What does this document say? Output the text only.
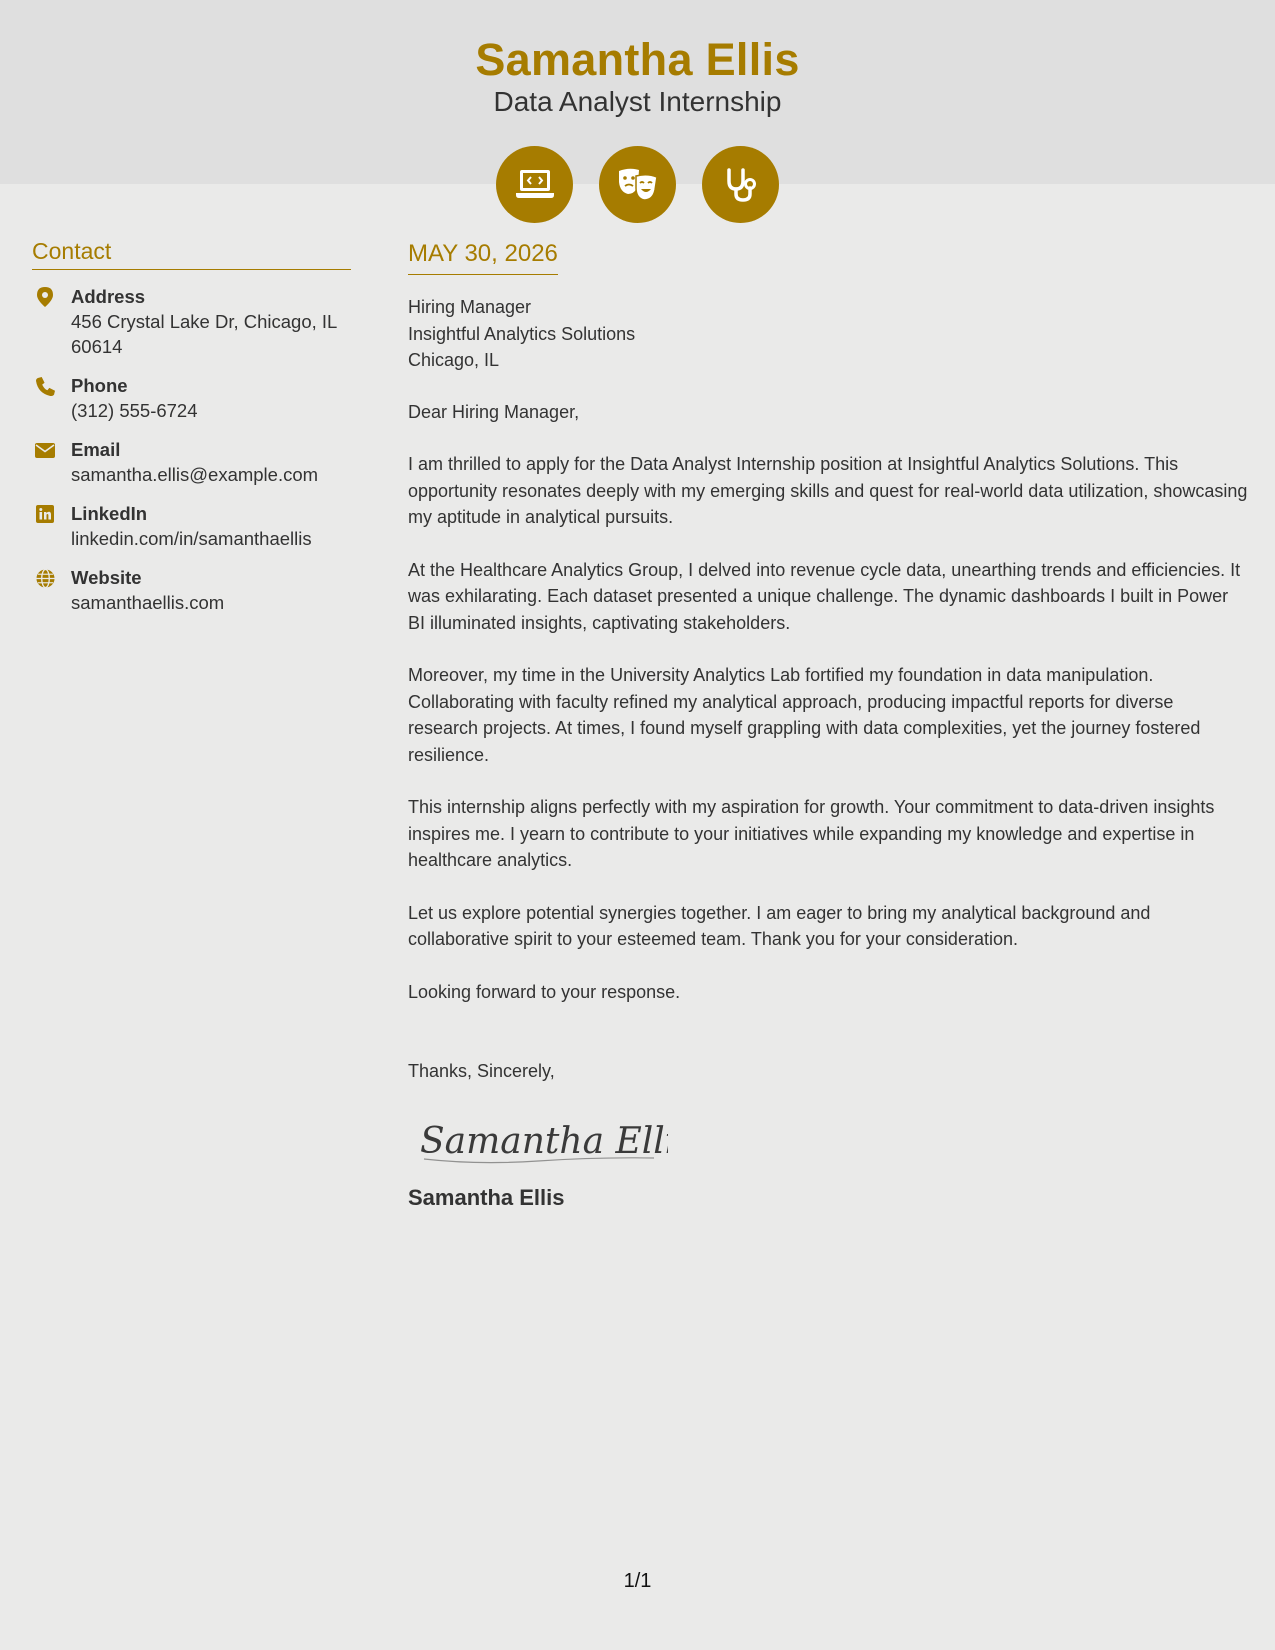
Samantha Ellis
Data Analyst Internship
Contact
Address
456 Crystal Lake Dr, Chicago, IL 60614
Phone
(312) 555-6724
Email
samantha.ellis@example.com
LinkedIn
linkedin.com/in/samanthaellis
Website
samanthaellis.com
MAY 30, 2026
Hiring Manager
Insightful Analytics Solutions
Chicago, IL

Dear Hiring Manager,

I am thrilled to apply for the Data Analyst Internship position at Insightful Analytics Solutions. This opportunity resonates deeply with my emerging skills and quest for real-world data utilization, showcasing my aptitude in analytical pursuits.

At the Healthcare Analytics Group, I delved into revenue cycle data, unearthing trends and efficiencies. It was exhilarating. Each dataset presented a unique challenge. The dynamic dashboards I built in Power BI illuminated insights, captivating stakeholders.

Moreover, my time in the University Analytics Lab fortified my foundation in data manipulation. Collaborating with faculty refined my analytical approach, producing impactful reports for diverse research projects. At times, I found myself grappling with data complexities, yet the journey fostered resilience.

This internship aligns perfectly with my aspiration for growth. Your commitment to data-driven insights inspires me. I yearn to contribute to your initiatives while expanding my knowledge and expertise in healthcare analytics.

Let us explore potential synergies together. I am eager to bring my analytical background and collaborative spirit to your esteemed team. Thank you for your consideration.

Looking forward to your response.

Thanks, Sincerely,
Samantha Ellis
Samantha Ellis
1/1
